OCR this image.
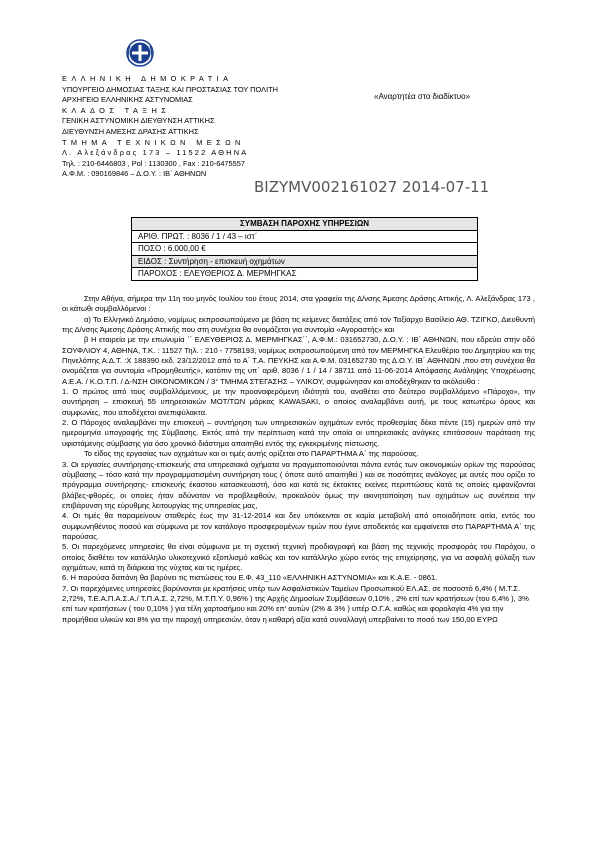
ΕΛΛΗΝΙΚΗ ΔΗΜΟΚΡΑΤΙΑ
ΥΠΟΥΡΓΕΙΟ ΔΗΜΟΣΙΑΣ ΤΑΞΗΣ ΚΑΙ ΠΡΟΣΤΑΣΙΑΣ ΤΟΥ ΠΟΛΙΤΗ
ΑΡΧΗΓΕΙΟ ΕΛΛΗΝΙΚΗΣ ΑΣΤΥΝΟΜΙΑΣ
ΚΛΑΔΟΣ ΤΑΞΗΣ
ΓΕΝΙΚΗ ΑΣΤΥΝΟΜΙΚΗ ΔΙΕΥΘΥΝΣΗ ΑΤΤΙΚΗΣ
ΔΙΕΥΘΥΝΣΗ ΑΜΕΣΗΣ ΔΡΑΣΗΣ ΑΤΤΙΚΗΣ
ΤΜΗΜΑ ΤΕΧΝΙΚΩΝ ΜΕΣΩΝ
Λ. Αλεξάνδρας 173 – 11522 ΑΘΗΝΑ
Τηλ. : 210-6446803 , Pol : 1130300 , Fax : 210-6475557
Α.Φ.Μ. : 090169846 – Δ.Ο.Υ. : ΙΒ΄ ΑΘΗΝΩΝ
«Αναρτητέα στο διαδίκτυο»
BΙΖΥMV002161027 2014-07-11
ΣΥΜΒΑΣΗ ΠΑΡΟΧΗΣ ΥΠΗΡΕΣΙΩΝ
ΑΡΙΘ. ΠΡΩΤ. : 8036 / 1 / 43 – ιστ΄
ΠΟΣΟ : 6.000,00 €
ΕΙΔΟΣ : Συντήρηση - επισκευή οχημάτων
ΠΑΡΟΧΟΣ : ΕΛΕΥΘΕΡΙΟΣ Δ. ΜΕΡΜΗΓΚΑΣ

Στην Αθήνα, σήμερα την 11η του μηνός Ιουλίου του έτους 2014, στα γραφεία της Δ/νσης Άμεσης Δράσης Αττικής, Λ. Αλεξάνδρας 173 , οι κάτωθι συμβαλλόμενοι :

α) Το Ελληνικό Δημόσιο, νομίμως εκπροσωπούμενο με βάση τις κείμενες διατάξεις από τον Ταξίαρχο Βασίλειο ΑΘ. ΤΖΙΓΚΟ, Διευθυντή της Δ/νσης Άμεσης Δράσης Αττικής που στη συνέχεια θα ονομάζεται για συντομία «Αγοραστής» και

β Η εταιρεία με την επωνυμία ΄΄ ΕΛΕΥΘΕΡΙΟΣ Δ. ΜΕΡΜΗΓΚΑΣ΄΄, Α.Φ.Μ.: 031652730, Δ.Ο.Υ. : ΙΒ΄ ΑΘΗΝΩΝ, που εδρεύει στην οδό ΣΟΥΦΛΙΟΥ 4, ΑΘΗΝΑ, Τ.Κ. : 11527 Τηλ. : 210 - 7758193, νομίμως εκπροσωπούμενη από τον ΜΕΡΜΗΓΚΑ Ελευθέριο του Δημητρίου και της Πηνελόπης Α.Δ.Τ. :Χ 188390 εκδ. 23/12/2012 από το Α΄ Τ.Α. ΠΕΥΚΗΣ και Α.Φ.Μ. 031652730 της Δ.Ο.Υ. ΙΒ΄ ΑΘΗΝΩΝ ,που στη συνέχεια θα ονομάζεται για συντομία «Προμηθευτής», κατόπιν της υπ΄ αριθ. 8036 / 1 / 14 / 38711 από 11-06-2014 Απόφασης Ανάληψης Υποχρέωσης Α.Ε.Α. / Κ.Ο.Τ.Π. / Δ-ΝΣΗ ΟΙΚΟΝΟΜΙΚΩΝ / 3° ΤΜΗΜΑ ΣΤΕΓΑΣΗΣ – ΥΛΙΚΟΥ, συμφώνησαν και αποδέχθηκαν τα ακόλουθα :

1. Ο πρώτος από τους συμβαλλόμενους, με την προαναφερόμενη ιδιότητά του, αναθέτει στο δεύτερο συμβαλλόμενο «Πάροχο», την συντήρηση – επισκευή 55 υπηρεσιακών ΜΟΤ/ΤΩΝ μάρκας KAWASAKI, ο οποίος αναλαμβάνει αυτή, με τους κατωτέρω όρους και συμφωνίες, που αποδέχεται ανεπιφύλακτα.

2. Ο Πάροχος αναλαμβάνει την επισκευή – συντήρηση των υπηρεσιακών οχημάτων εντός προθεσμίας δέκα πέντε (15) ημερών από την ημερομηνία υπογραφής της Σύμβασης. Εκτός από την περίπτωση κατά την οποία οι υπηρεσιακές ανάγκες επιτάσσουν παράταση της υφιστάμενης σύμβασης για όσο χρονικό διάστημα απαιτηθεί εντός της εγκεκριμένης πίστωσης.

Το είδος της εργασίας των οχημάτων και οι τιμές αυτής ορίζεται στο ΠΑΡΑΡΤΗΜΑ Α΄ της παρούσας.

3. Οι εργασίες συντήρησης-επισκευής στα υπηρεσιακά οχήματα να πραγματοποιούνται πάντα εντός των οικονομικών ορίων της παρούσας σύμβασης – τόσο κατά την προγραμματισμένη συντήρηση τους ( όποτε αυτό απαιτηθεί ) και σε ποσότητες ανάλογες με αυτές που ορίζει το πρόγραμμα συντήρησης- επισκευής έκαστου κατασκευαστή, όσο και κατά τις έκτακτες εκείνες περιπτώσεις κατά τις οποίες εμφανίζονται βλάβες-φθορές, οι οποίες ήταν αδύνατον να προβλεφθούν, προκαλούν όμως την ακινητοποίηση των οχημάτων ως συνέπεια την επιβάρυνση της εύρυθμης λειτουργίας της υπηρεσίας μας,

4. Οι τιμές θα παραμείνουν σταθερές έως την 31-12-2014 και δεν υπόκεινται σε καμία μεταβολή από οποιαδήποτε αιτία, εντός του συμφωνηθέντος ποσού και σύμφωνα με τον κατάλογο προσφερομένων τιμών που έγινε αποδεκτός και εμφαίνεται στο ΠΑΡΑΡΤΗΜΑ Α΄ της παρούσας.

5. Οι παρεχόμενες υπηρεσίες θα είναι σύμφωνα με τη σχετική τεχνική προδιαγραφή και βάση της τεχνικής προσφοράς του Παρόχου, ο οποίος διαθέτει τον κατάλληλο υλικοτεχνικό εξοπλισμό καθώς και τον κατάλληλο χώρο εντός της επιχείρησης, για να ασφαλή φύλαξη των οχημάτων, κατά τη διάρκεια της νύχτας και τις ημέρες.

6. Η παρούσα δαπάνη θα βαρύνει τις πιστώσεις του Ε.Φ. 43_110 «ΕΛΛΗΝΙΚΗ ΑΣΤΥΝΟΜΙΑ» και Κ.Α.Ε. - 0861.

7. Οι παρεχόμενες υπηρεσίες βαρύνονται με κρατήσεις υπέρ των Ασφαλιστικών Ταμείων Προσωπικού ΕΛ.ΑΣ. σε ποσοστό 6,4% ( Μ.Τ.Σ. 2,72%, Τ.Ε.Α.Π.Α.Σ.Α./ Τ.Π.Α.Σ. 2,72%, Μ.Τ.Π.Υ. 0,96% ) της Αρχής Δημοσίων Συμβάσεων 0,10% , 2% επί των κρατήσεων (του 6,4% ), 3% επί των κρατήσεων ( του 0,10% ) για τέλη χαρτοσήμου και 20% επ' αυτών (2% & 3% ) υπέρ Ο.Γ.Α. καθώς και φορολογία 4% για την προμήθεια υλικών και 8% για την παροχή υπηρεσιών, όταν η καθαρή αξία κατά συναλλαγή υπερβαίνει το ποσό των 150,00 ΕΥΡΩ
